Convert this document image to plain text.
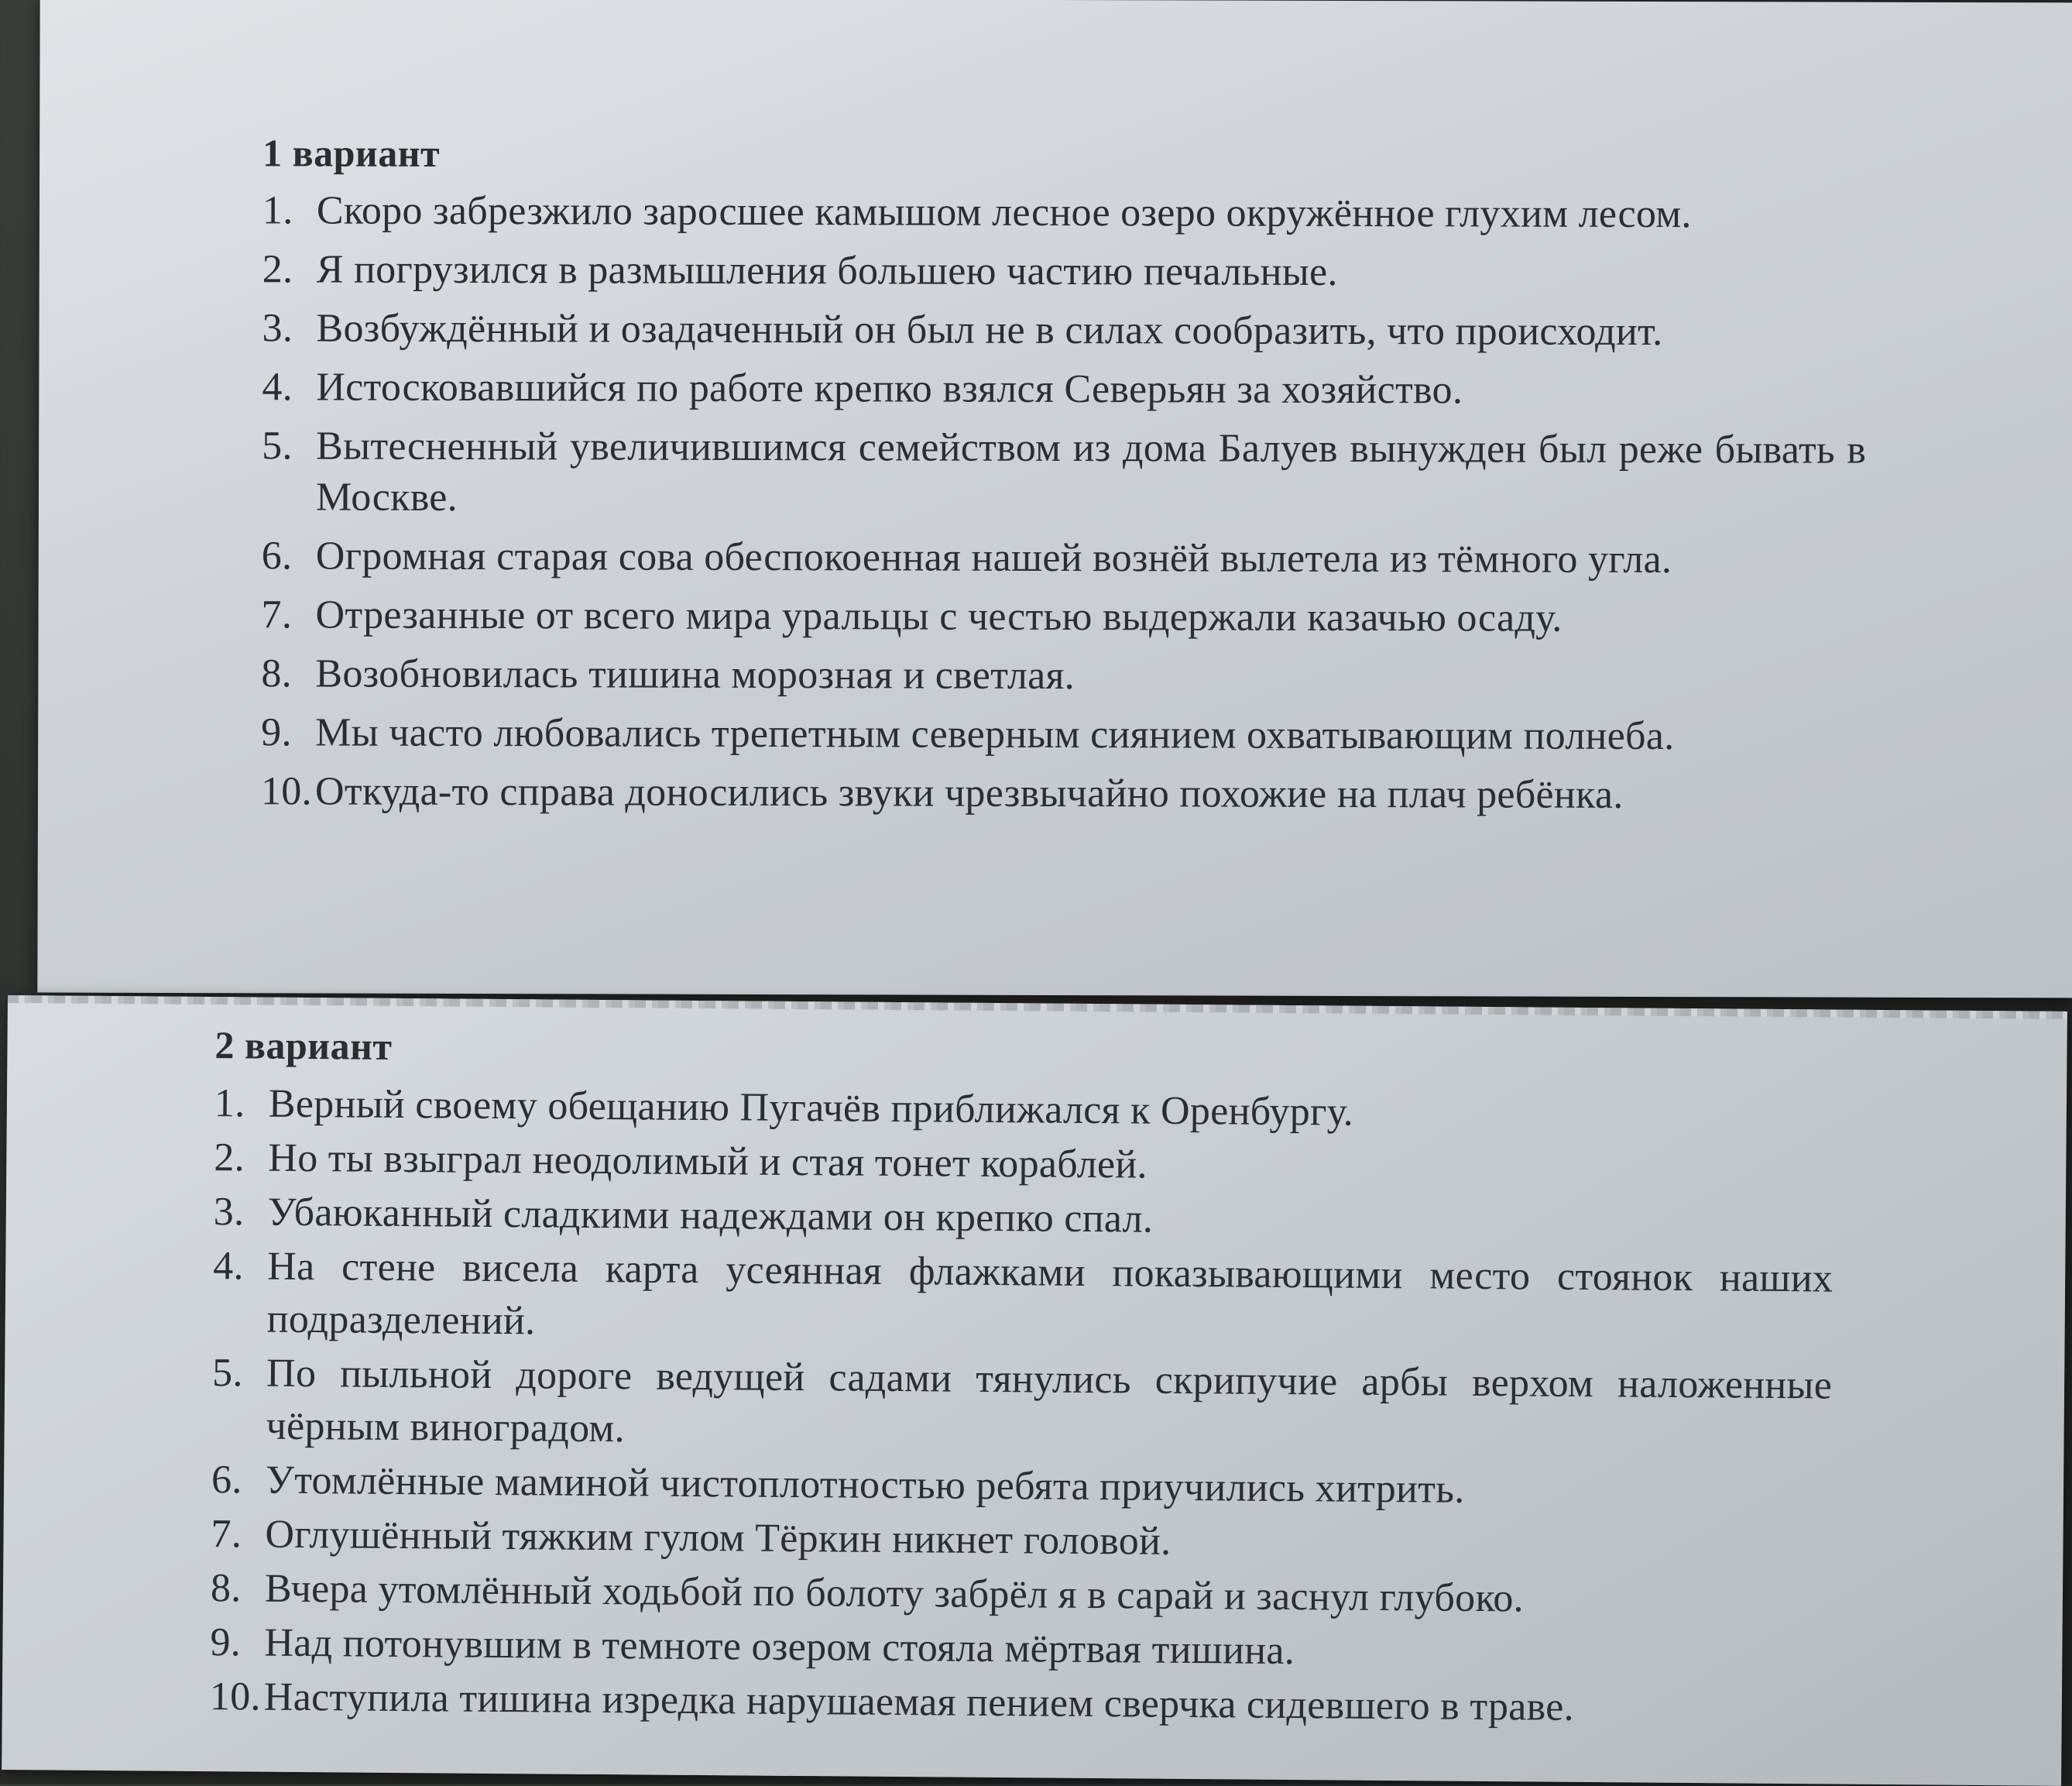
1 вариант
1. Скоро забрезжило заросшее камышом лесное озеро окружённое глухим лесом.
2. Я погрузился в размышления большею частию печальные.
3. Возбуждённый и озадаченный он был не в силах сообразить, что происходит.
4. Истосковавшийся по работе крепко взялся Северьян за хозяйство.
5. Вытесненный увеличившимся семейством из дома Балуев вынужден был реже бывать в Москве.
6. Огромная старая сова обеспокоенная нашей вознёй вылетела из тёмного угла.
7. Отрезанные от всего мира уральцы с честью выдержали казачью осаду.
8. Возобновилась тишина морозная и светлая.
9. Мы часто любовались трепетным северным сиянием охватывающим полнеба.
10. Откуда-то справа доносились звуки чрезвычайно похожие на плач ребёнка.
2 вариант
1. Верный своему обещанию Пугачёв приближался к Оренбургу.
2. Но ты взыграл неодолимый и стая тонет кораблей.
3. Убаюканный сладкими надеждами он крепко спал.
4. На стене висела карта усеянная флажками показывающими место стоянок наших подразделений.
5. По пыльной дороге ведущей садами тянулись скрипучие арбы верхом наложенные чёрным виноградом.
6. Утомлённые маминой чистоплотностью ребята приучились хитрить.
7. Оглушённый тяжким гулом Тёркин никнет головой.
8. Вчера утомлённый ходьбой по болоту забрёл я в сарай и заснул глубоко.
9. Над потонувшим в темноте озером стояла мёртвая тишина.
10. Наступила тишина изредка нарушаемая пением сверчка сидевшего в траве.
